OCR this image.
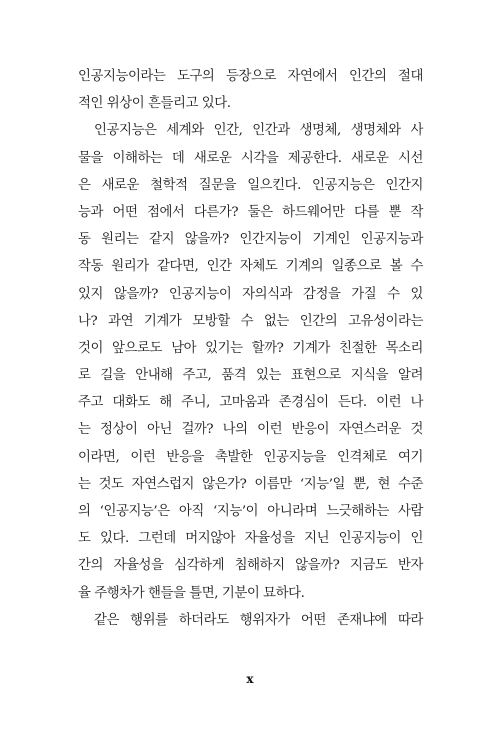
인공지능이라는 도구의 등장으로 자연에서 인간의 절대
적인 위상이 흔들리고 있다.
인공지능은 세계와 인간, 인간과 생명체, 생명체와 사
물을 이해하는 데 새로운 시각을 제공한다. 새로운 시선
은 새로운 철학적 질문을 일으킨다. 인공지능은 인간지
능과 어떤 점에서 다른가? 둘은 하드웨어만 다를 뿐 작
동 원리는 같지 않을까? 인간지능이 기계인 인공지능과
작동 원리가 같다면, 인간 자체도 기계의 일종으로 볼 수
있지 않을까? 인공지능이 자의식과 감정을 가질 수 있
나? 과연 기계가 모방할 수 없는 인간의 고유성이라는
것이 앞으로도 남아 있기는 할까? 기계가 친절한 목소리
로 길을 안내해 주고, 품격 있는 표현으로 지식을 알려
주고 대화도 해 주니, 고마움과 존경심이 든다. 이런 나
는 정상이 아닌 걸까? 나의 이런 반응이 자연스러운 것
이라면, 이런 반응을 촉발한 인공지능을 인격체로 여기
는 것도 자연스럽지 않은가? 이름만 ‘지능’일 뿐, 현 수준
의 ‘인공지능’은 아직 ‘지능’이 아니라며 느긋해하는 사람
도 있다. 그런데 머지않아 자율성을 지닌 인공지능이 인
간의 자율성을 심각하게 침해하지 않을까? 지금도 반자
율 주행차가 핸들을 틀면, 기분이 묘하다.
같은 행위를 하더라도 행위자가 어떤 존재냐에 따라
x
